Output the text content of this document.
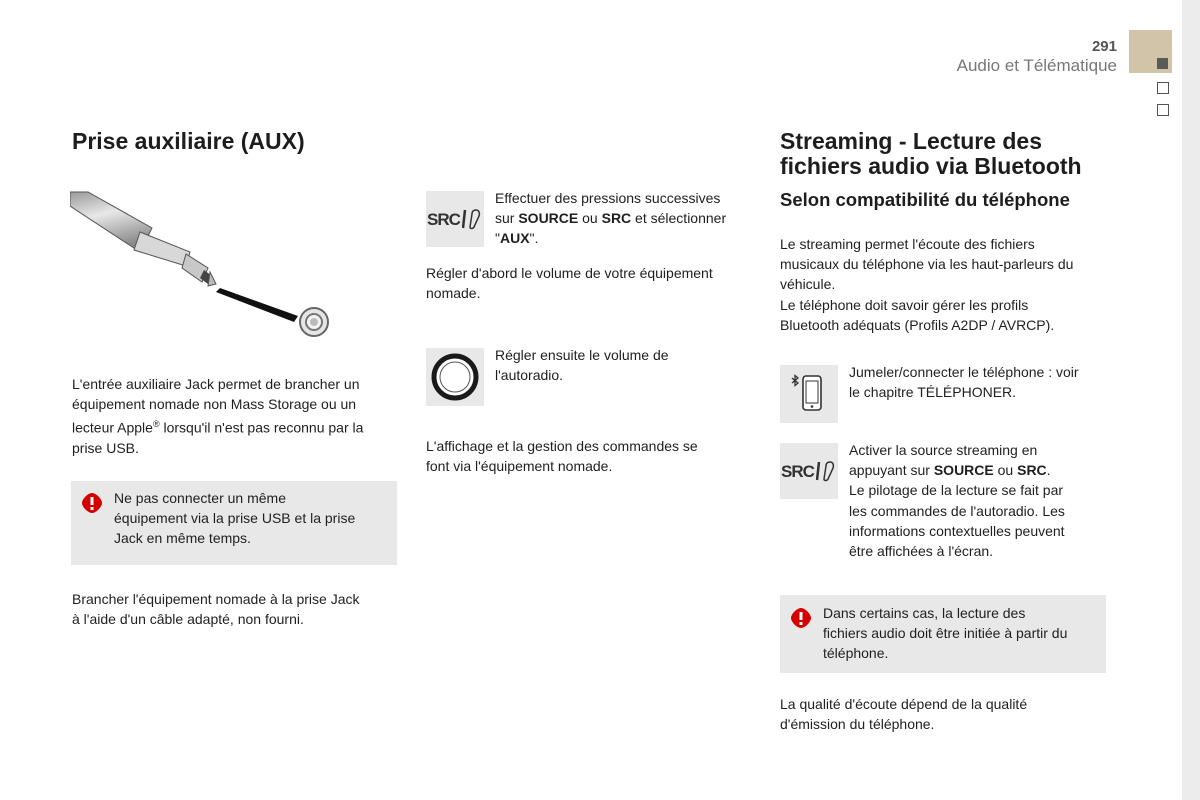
291
Audio et Télématique
Prise auxiliaire (AUX)
L'entrée auxiliaire Jack permet de brancher un
équipement nomade non Mass Storage ou un
lecteur Apple® lorsqu'il n'est pas reconnu par la
prise USB.
Ne pas connecter un même
équipement via la prise USB et la prise
Jack en même temps.
Brancher l'équipement nomade à la prise Jack
à l'aide d'un câble adapté, non fourni.
SRC
Effectuer des pressions successives
sur SOURCE ou SRC et sélectionner
"AUX".
Régler d'abord le volume de votre équipement
nomade.
Régler ensuite le volume de
l'autoradio.
L'affichage et la gestion des commandes se
font via l'équipement nomade.
Streaming - Lecture des
fichiers audio via Bluetooth
Selon compatibilité du téléphone
Le streaming permet l'écoute des fichiers
musicaux du téléphone via les haut-parleurs du
véhicule.
Le téléphone doit savoir gérer les profils
Bluetooth adéquats (Profils A2DP / AVRCP).
Jumeler/connecter le téléphone : voir
le chapitre TÉLÉPHONER.
SRC
Activer la source streaming en
appuyant sur SOURCE ou SRC.
Le pilotage de la lecture se fait par
les commandes de l'autoradio. Les
informations contextuelles peuvent
être affichées à l'écran.
Dans certains cas, la lecture des
fichiers audio doit être initiée à partir du
téléphone.
La qualité d'écoute dépend de la qualité
d'émission du téléphone.
